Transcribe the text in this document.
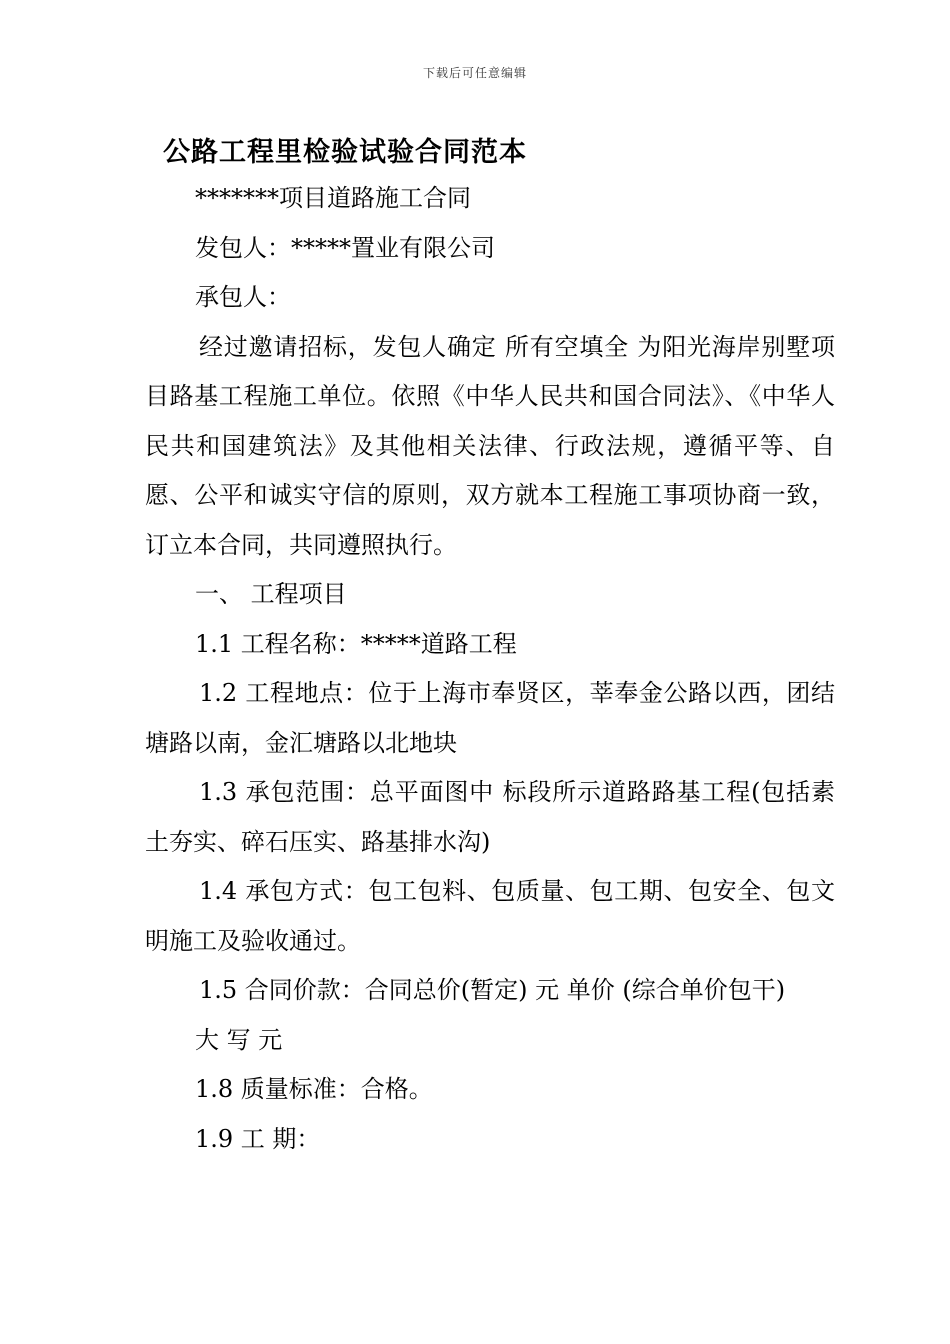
下载后可任意编辑
公路工程里检验试验合同范本

*******项目道路施工合同

发包人：*****置业有限公司

承包人：

经过邀请招标，发包人确定 所有空填全 为阳光海岸别墅项目路基工程施工单位。依照《中华人民共和国合同法》、《中华人民共和国建筑法》及其他相关法律、行政法规，遵循平等、自愿、公平和诚实守信的原则，双方就本工程施工事项协商一致，订立本合同，共同遵照执行。

一、 工程项目

1.1 工程名称：*****道路工程

1.2 工程地点：位于上海市奉贤区，莘奉金公路以西，团结塘路以南，金汇塘路以北地块

1.3 承包范围：总平面图中 标段所示道路路基工程(包括素土夯实、碎石压实、路基排水沟)

1.4 承包方式：包工包料、包质量、包工期、包安全、包文明施工及验收通过。

1.5 合同价款：合同总价(暂定) 元 单价 (综合单价包干)

大 写 元

1.8 质量标准：合格。

1.9 工 期：
